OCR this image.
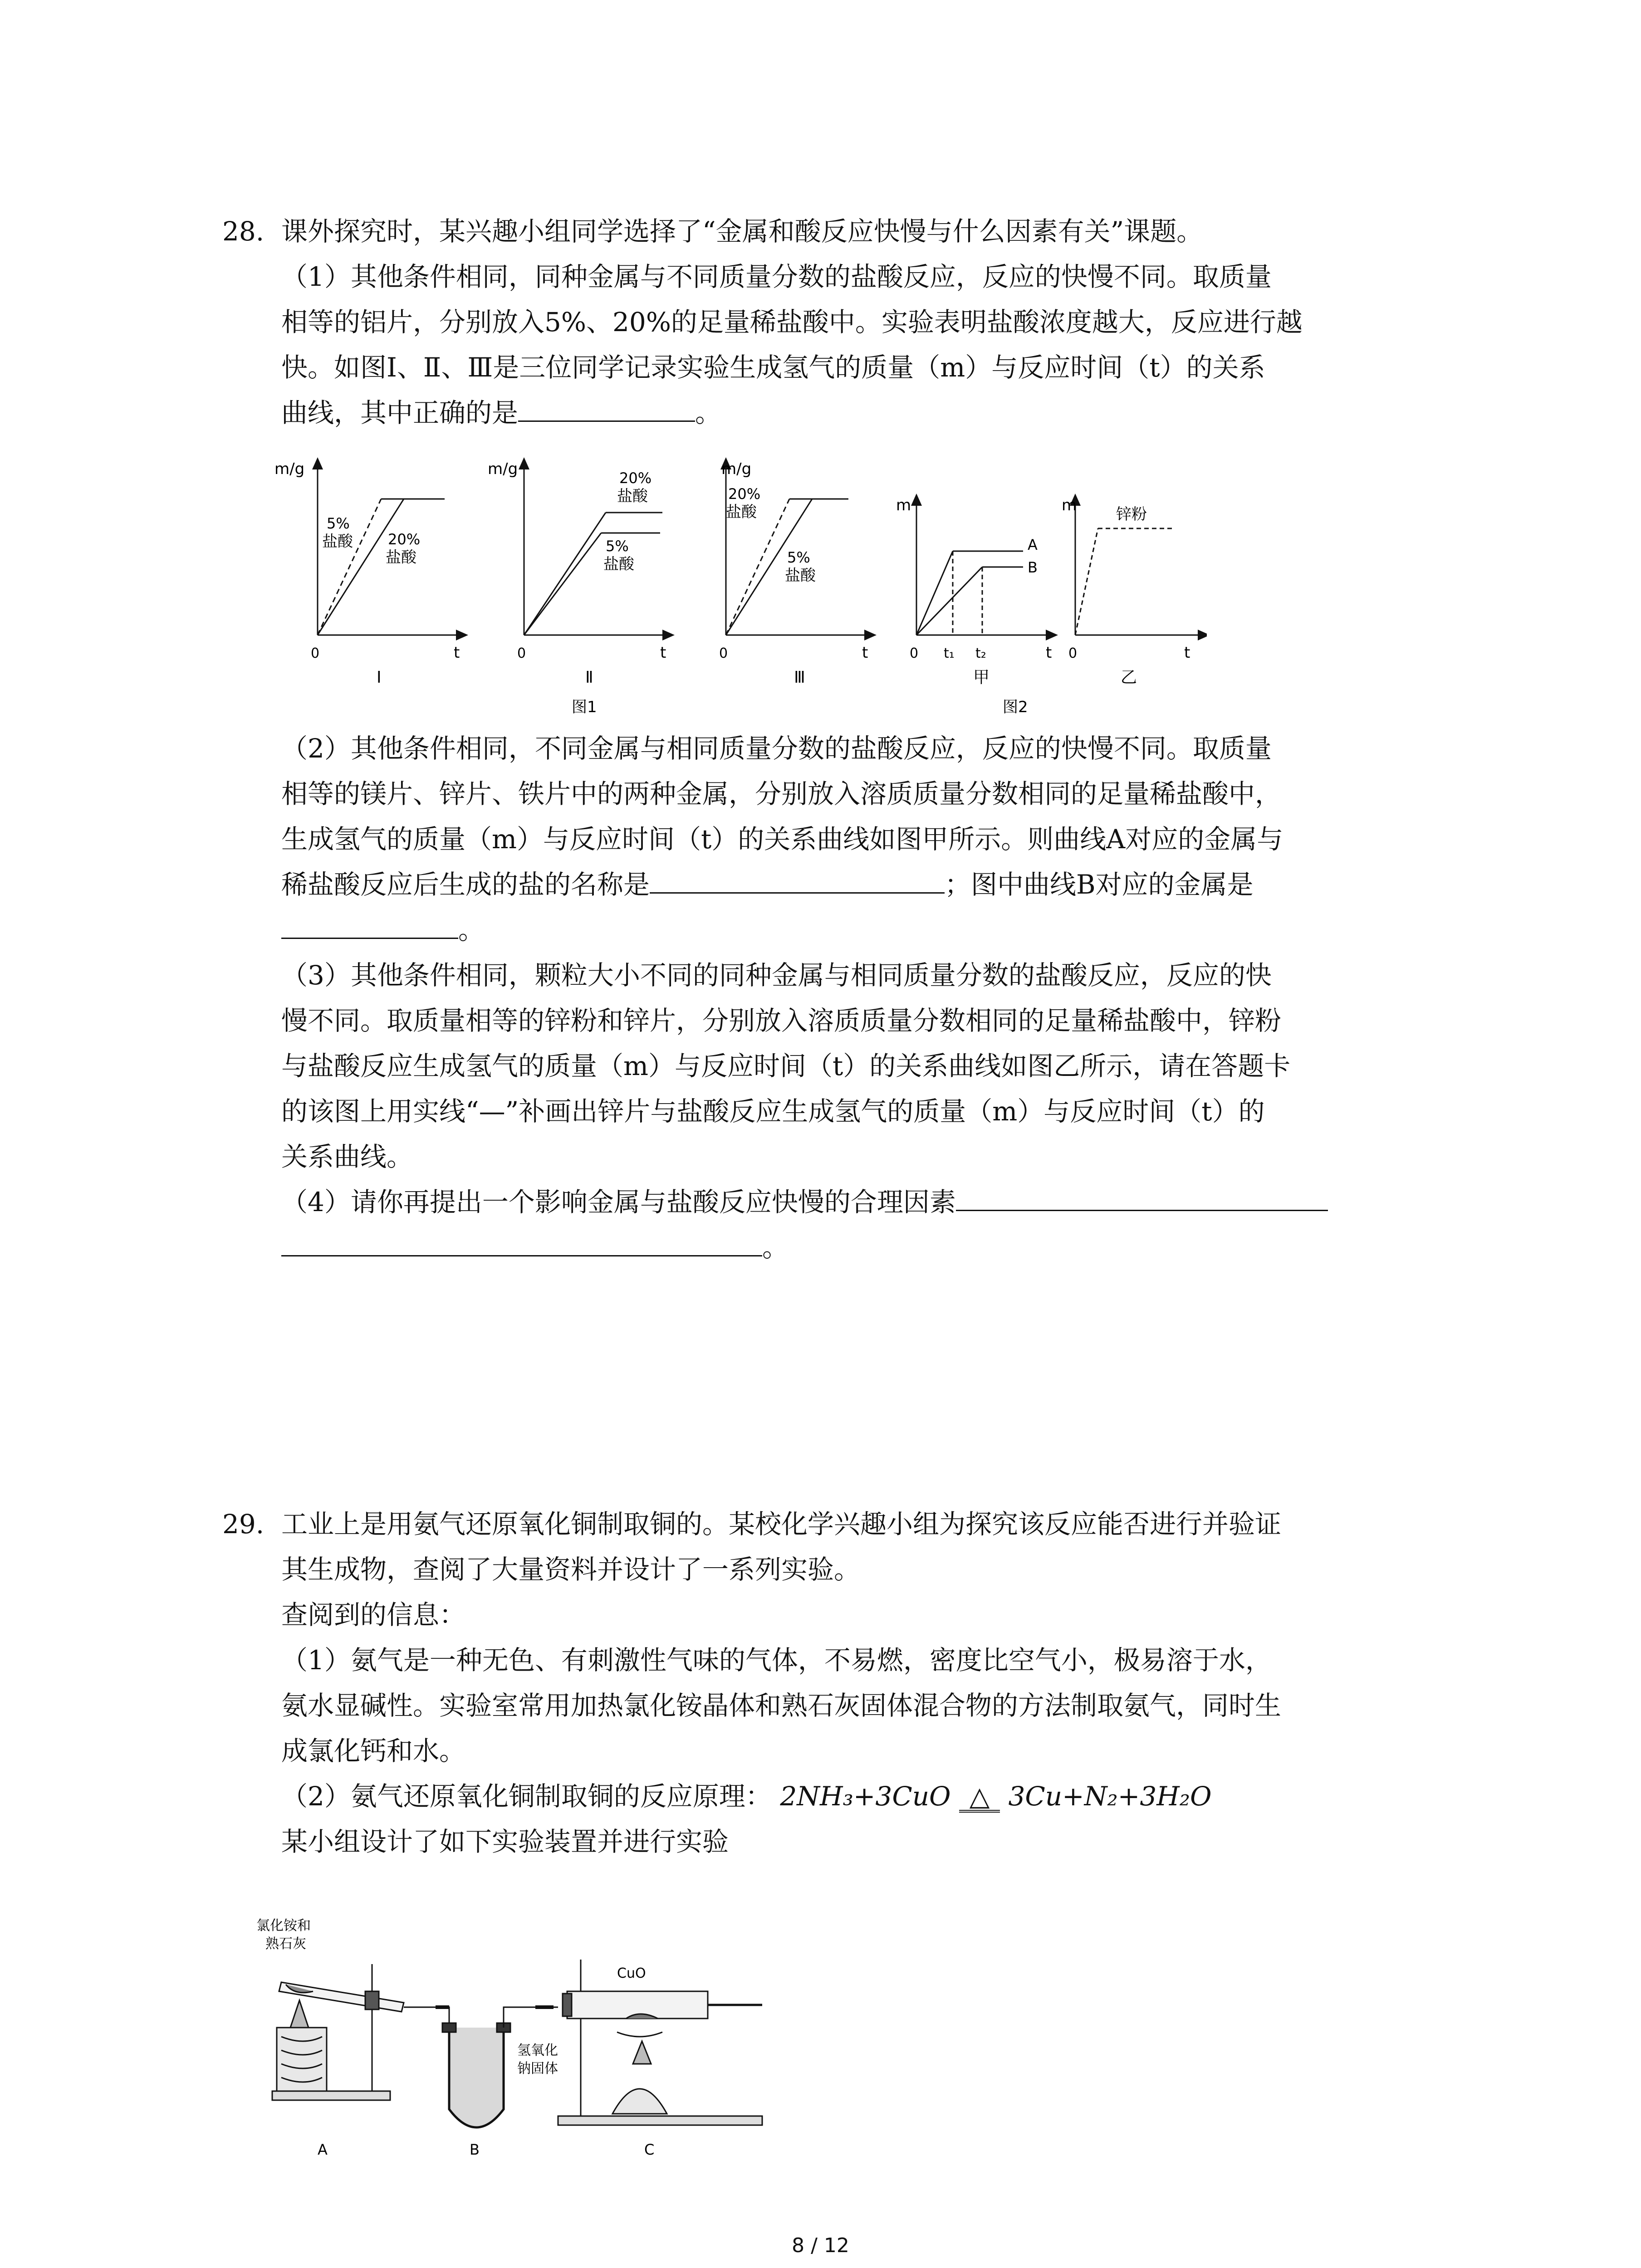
28. 课外探究时，某兴趣小组同学选择了“金属和酸反应快慢与什么因素有关”课题。
（1）其他条件相同，同种金属与不同质量分数的盐酸反应，反应的快慢不同。取质量
相等的铝片，分别放入5%、20%的足量稀盐酸中。实验表明盐酸浓度越大，反应进行越
快。如图Ⅰ、Ⅱ、Ⅲ是三位同学记录实验生成氢气的质量（m）与反应时间（t）的关系
曲线，其中正确的是	。
m/g
t
0
5%
盐酸 20%
盐酸
Ⅰ
m/g
t
0
20%
盐酸
5%
盐酸
Ⅱ
m/g
t
0
20%
盐酸
5%
盐酸
Ⅲ
m
t
0 t₁ t₂
A
B
甲
m
t
0
锌粉
乙
图1	图2
（2）其他条件相同，不同金属与相同质量分数的盐酸反应，反应的快慢不同。取质量
相等的镁片、锌片、铁片中的两种金属，分别放入溶质质量分数相同的足量稀盐酸中，
生成氢气的质量（m）与反应时间（t）的关系曲线如图甲所示。则曲线A对应的金属与
稀盐酸反应后生成的盐的名称是	；图中曲线B对应的金属是
。
（3）其他条件相同，颗粒大小不同的同种金属与相同质量分数的盐酸反应，反应的快
慢不同。取质量相等的锌粉和锌片，分别放入溶质质量分数相同的足量稀盐酸中，锌粉
与盐酸反应生成氢气的质量（m）与反应时间（t）的关系曲线如图乙所示，请在答题卡
的该图上用实线“—”补画出锌片与盐酸反应生成氢气的质量（m）与反应时间（t）的
关系曲线。
（4）请你再提出一个影响金属与盐酸反应快慢的合理因素
。
29. 工业上是用氨气还原氧化铜制取铜的。某校化学兴趣小组为探究该反应能否进行并验证
其生成物，查阅了大量资料并设计了一系列实验。
查阅到的信息：
（1）氨气是一种无色、有刺激性气味的气体，不易燃，密度比空气小，极易溶于水，
氨水显碱性。实验室常用加热氯化铵晶体和熟石灰固体混合物的方法制取氨气，同时生
成氯化钙和水。
（2）氨气还原氧化铜制取铜的反应原理： 2NH₃+3CuO △ 3Cu+N₂+3H₂O
某小组设计了如下实验装置并进行实验
氯化铵和
熟石灰
CuO
氢氧化
钠固体
A	B	C
8 / 12
